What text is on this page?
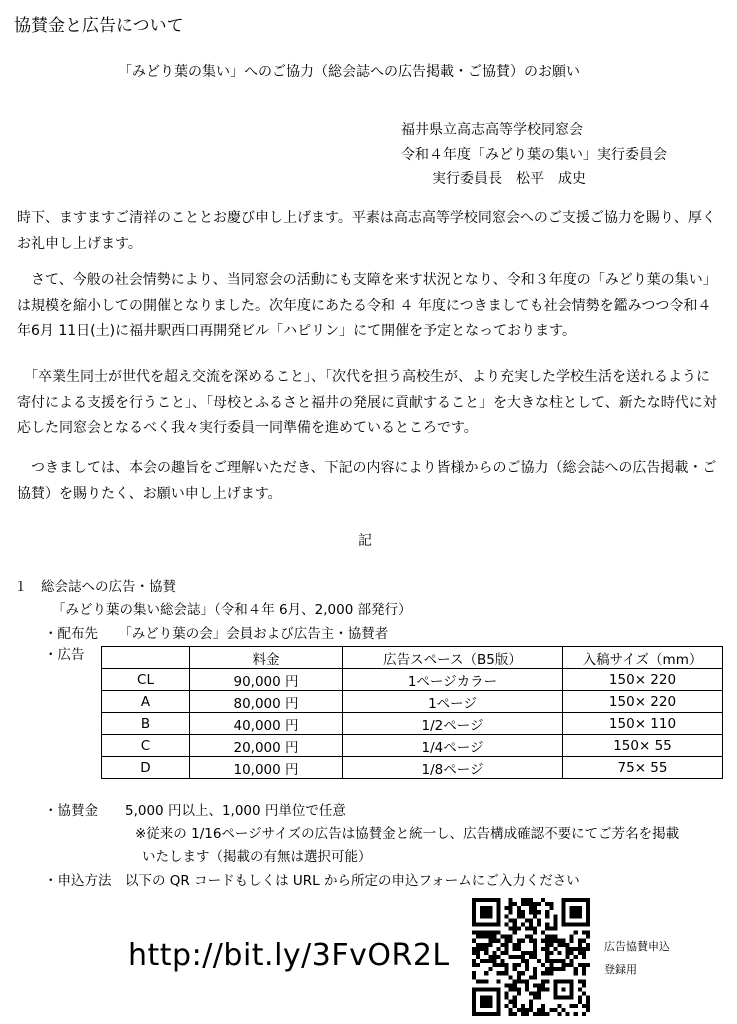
協賛金と広告について
「みどり葉の集い」へのご協力（総会誌への広告掲載・ご協賛）のお願い
福井県立高志高等学校同窓会
令和４年度「みどり葉の集い」実行委員会
実行委員長　松平　成史

時下、ますますご清祥のこととお慶び申し上げます。平素は高志高等学校同窓会へのご支援ご協力を賜り、厚くお礼申し上げます。

　さて、今般の社会情勢により、当同窓会の活動にも支障を来す状況となり、令和３年度の「みどり葉の集い」は規模を縮小しての開催となりました。次年度にあたる令和 ４ 年度につきましても社会情勢を鑑みつつ令和４年6月 11日(土)に福井駅西口再開発ビル「ハピリン」にて開催を予定となっております。

　「卒業生同士が世代を超え交流を深めること」、「次代を担う高校生が、より充実した学校生活を送れるように寄付による支援を行うこと」、「母校とふるさと福井の発展に貢献すること」を大きな柱として、新たな時代に対応した同窓会となるべく我々実行委員一同準備を進めているところです。

　つきましては、本会の趣旨をご理解いただき、下記の内容により皆様からのご協力（総会誌への広告掲載・ご協賛）を賜りたく、お願い申し上げます。

記
１　総会誌への広告・協賛
「みどり葉の集い総会誌」（令和４年 6月、2,000 部発行）
・配布先　　「みどり葉の会」会員および広告主・協賛者
・広告
		料金	広告スペース（B5版）	入稿サイズ（mm）
CL	90,000 円	1ページカラー	150× 220
A	80,000 円	1ページ	150× 220
B	40,000 円	1/2ページ	150× 110
C	20,000 円	1/4ページ	150× 55
D	10,000 円	1/8ページ	75× 55
・協賛金　　5,000 円以上、1,000 円単位で任意
※従来の 1/16ページサイズの広告は協賛金と統一し、広告構成確認不要にてご芳名を掲載
いたします（掲載の有無は選択可能）
・申込方法　以下の QR コードもしくは URL から所定の申込フォームにご入力ください
http://bit.ly/3FvOR2L	広告協賛申込
登録用
